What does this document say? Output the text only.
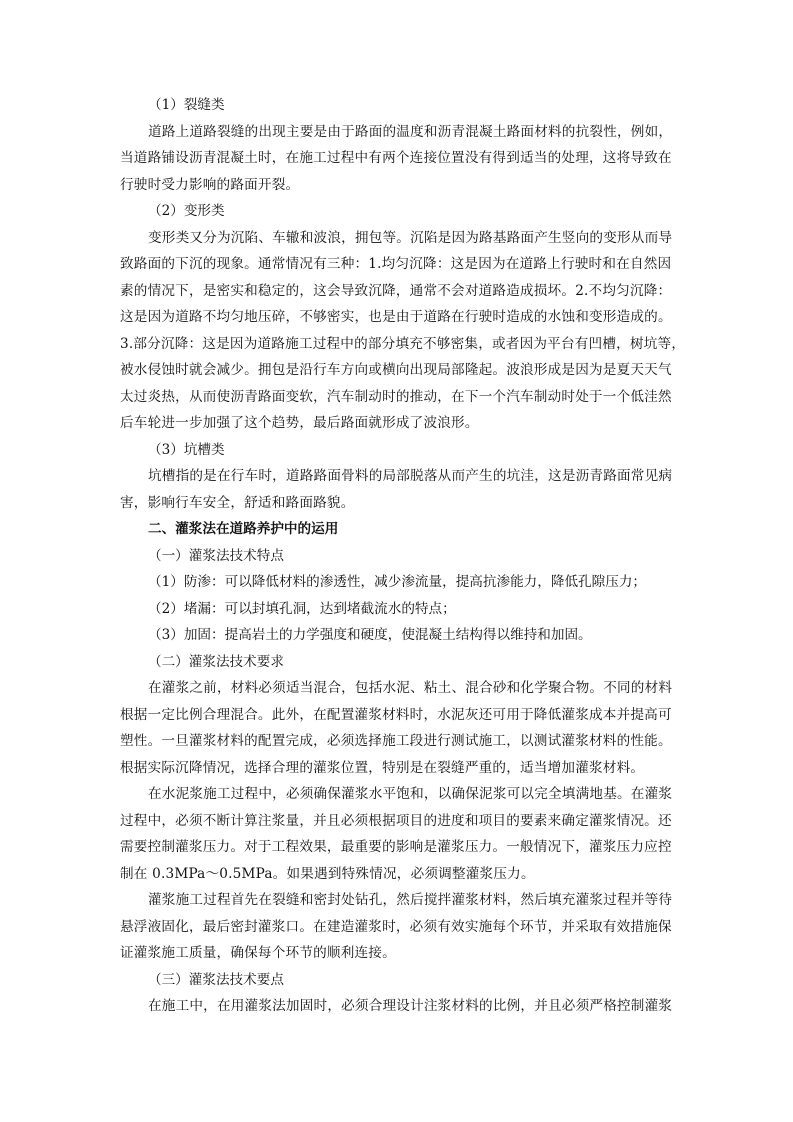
（1）裂缝类

道路上道路裂缝的出现主要是由于路面的温度和沥青混凝土路面材料的抗裂性，例如，

当道路铺设沥青混凝土时，在施工过程中有两个连接位置没有得到适当的处理，这将导致在

行驶时受力影响的路面开裂。

（2）变形类

变形类又分为沉陷、车辙和波浪，拥包等。沉陷是因为路基路面产生竖向的变形从而导

致路面的下沉的现象。通常情况有三种：1.均匀沉降：这是因为在道路上行驶时和在自然因

素的情况下，是密实和稳定的，这会导致沉降，通常不会对道路造成损坏。2.不均匀沉降：

这是因为道路不均匀地压碎，不够密实，也是由于道路在行驶时造成的水蚀和变形造成的。

3.部分沉降：这是因为道路施工过程中的部分填充不够密集，或者因为平台有凹槽，树坑等，

被水侵蚀时就会减少。拥包是沿行车方向或横向出现局部隆起。波浪形成是因为是夏天天气

太过炎热，从而使沥青路面变软，汽车制动时的推动，在下一个汽车制动时处于一个低洼然

后车轮进一步加强了这个趋势，最后路面就形成了波浪形。

（3）坑槽类

坑槽指的是在行车时，道路路面骨料的局部脱落从而产生的坑洼，这是沥青路面常见病

害，影响行车安全，舒适和路面路貌。

二、灌浆法在道路养护中的运用

（一）灌浆法技术特点

（1）防渗：可以降低材料的渗透性，减少渗流量，提高抗渗能力，降低孔隙压力；

（2）堵漏：可以封填孔洞，达到堵截流水的特点；

（3）加固：提高岩土的力学强度和硬度，使混凝土结构得以维持和加固。

（二）灌浆法技术要求

在灌浆之前，材料必须适当混合，包括水泥、粘土、混合砂和化学聚合物。不同的材料

根据一定比例合理混合。此外，在配置灌浆材料时，水泥灰还可用于降低灌浆成本并提高可

塑性。一旦灌浆材料的配置完成，必须选择施工段进行测试施工，以测试灌浆材料的性能。

根据实际沉降情况，选择合理的灌浆位置，特别是在裂缝严重的，适当增加灌浆材料。

在水泥浆施工过程中，必须确保灌浆水平饱和，以确保泥浆可以完全填满地基。在灌浆

过程中，必须不断计算注浆量，并且必须根据项目的进度和项目的要素来确定灌浆情况。还

需要控制灌浆压力。对于工程效果，最重要的影响是灌浆压力。一般情况下，灌浆压力应控

制在 0.3MPa～0.5MPa。如果遇到特殊情况，必须调整灌浆压力。

灌浆施工过程首先在裂缝和密封处钻孔，然后搅拌灌浆材料，然后填充灌浆过程并等待

悬浮液固化，最后密封灌浆口。在建造灌浆时，必须有效实施每个环节，并采取有效措施保

证灌浆施工质量，确保每个环节的顺利连接。

（三）灌浆法技术要点

在施工中，在用灌浆法加固时，必须合理设计注浆材料的比例，并且必须严格控制灌浆
